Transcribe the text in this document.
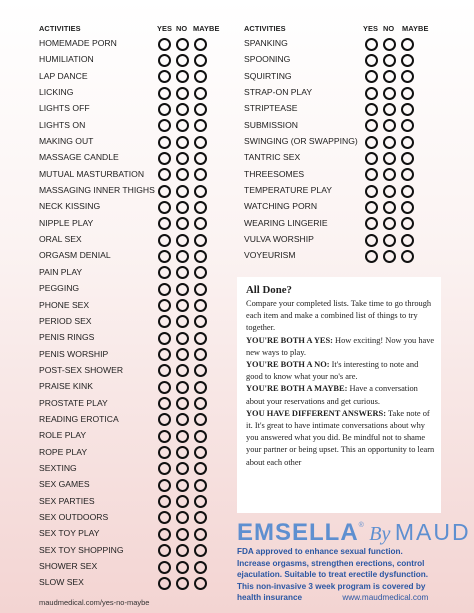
ACTIVITIES	YES NO MAYBE
HOMEMADE PORN
HUMILIATION
LAP DANCE
LICKING
LIGHTS OFF
LIGHTS ON
MAKING OUT
MASSAGE CANDLE
MUTUAL MASTURBATION
MASSAGING INNER THIGHS
NECK KISSING
NIPPLE PLAY
ORAL SEX
ORGASM DENIAL
PAIN PLAY
PEGGING
PHONE SEX
PERIOD SEX
PENIS RINGS
PENIS WORSHIP
POST-SEX SHOWER
PRAISE KINK
PROSTATE PLAY
READING EROTICA
ROLE PLAY
ROPE PLAY
SEXTING
SEX GAMES
SEX PARTIES
SEX OUTDOORS
SEX TOY PLAY
SEX TOY SHOPPING
SHOWER SEX
SLOW SEX
ACTIVITIES	YES NO MAYBE
SPANKING
SPOONING
SQUIRTING
STRAP-ON PLAY
STRIPTEASE
SUBMISSION
SWINGING (OR SWAPPING)
TANTRIC SEX
THREESOMES
TEMPERATURE PLAY
WATCHING PORN
WEARING LINGERIE
VULVA WORSHIP
VOYEURISM
All Done?

Compare your completed lists. Take time to go through each item and make a combined list of things to try together.

YOU'RE BOTH A YES: How exciting! Now you have new ways to play.

YOU'RE BOTH A NO: It's interesting to note and good to know what your no's are.

YOU'RE BOTH A MAYBE: Have a conversation about your reservations and get curious.

YOU HAVE DIFFERENT ANSWERS: Take note of it. It's great to have intimate conversations about why you answered what you did. Be mindful not to shame your partner or being upset. This an opportunity to learn about each other

EMSELLA® By MAUD
FDA approved to enhance sexual function.
Increase orgasms, strengthen erections, control
ejaculation. Suitable to treat erectile dysfunction.
This non-invasive 3 week program is covered by
health insurance	www.maudmedical.com
maudmedical.com/yes-no-maybe
